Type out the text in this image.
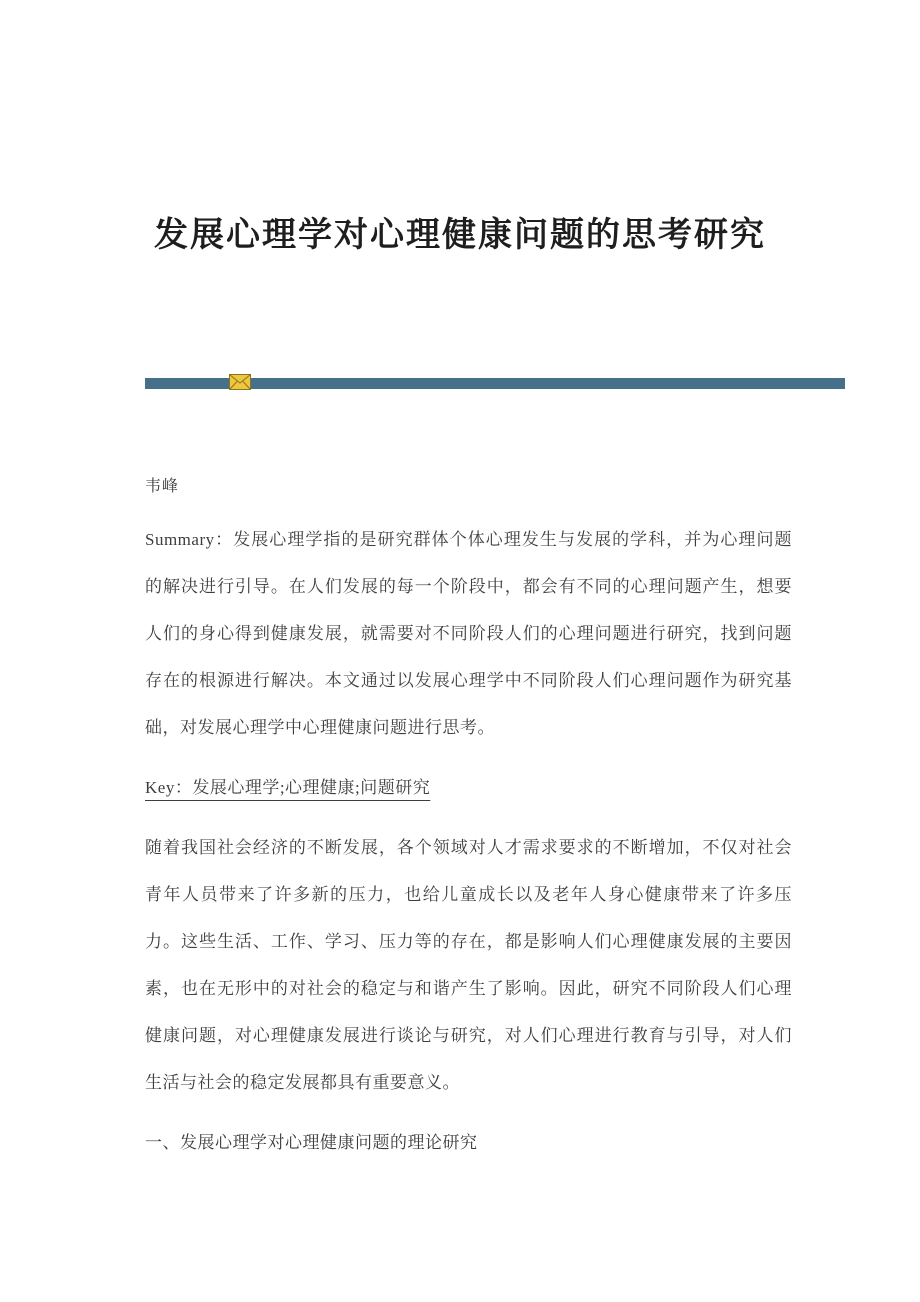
发展心理学对心理健康问题的思考研究
韦峰

Summary：发展心理学指的是研究群体个体心理发生与发展的学科，并为心理问题的解决进行引导。在人们发展的每一个阶段中，都会有不同的心理问题产生，想要人们的身心得到健康发展，就需要对不同阶段人们的心理问题进行研究，找到问题存在的根源进行解决。本文通过以发展心理学中不同阶段人们心理问题作为研究基础，对发展心理学中心理健康问题进行思考。

Key：发展心理学;心理健康;问题研究

随着我国社会经济的不断发展，各个领域对人才需求要求的不断增加，不仅对社会青年人员带来了许多新的压力，也给儿童成长以及老年人身心健康带来了许多压力。这些生活、工作、学习、压力等的存在，都是影响人们心理健康发展的主要因素，也在无形中的对社会的稳定与和谐产生了影响。因此，研究不同阶段人们心理健康问题，对心理健康发展进行谈论与研究，对人们心理进行教育与引导，对人们生活与社会的稳定发展都具有重要意义。

一、发展心理学对心理健康问题的理论研究
